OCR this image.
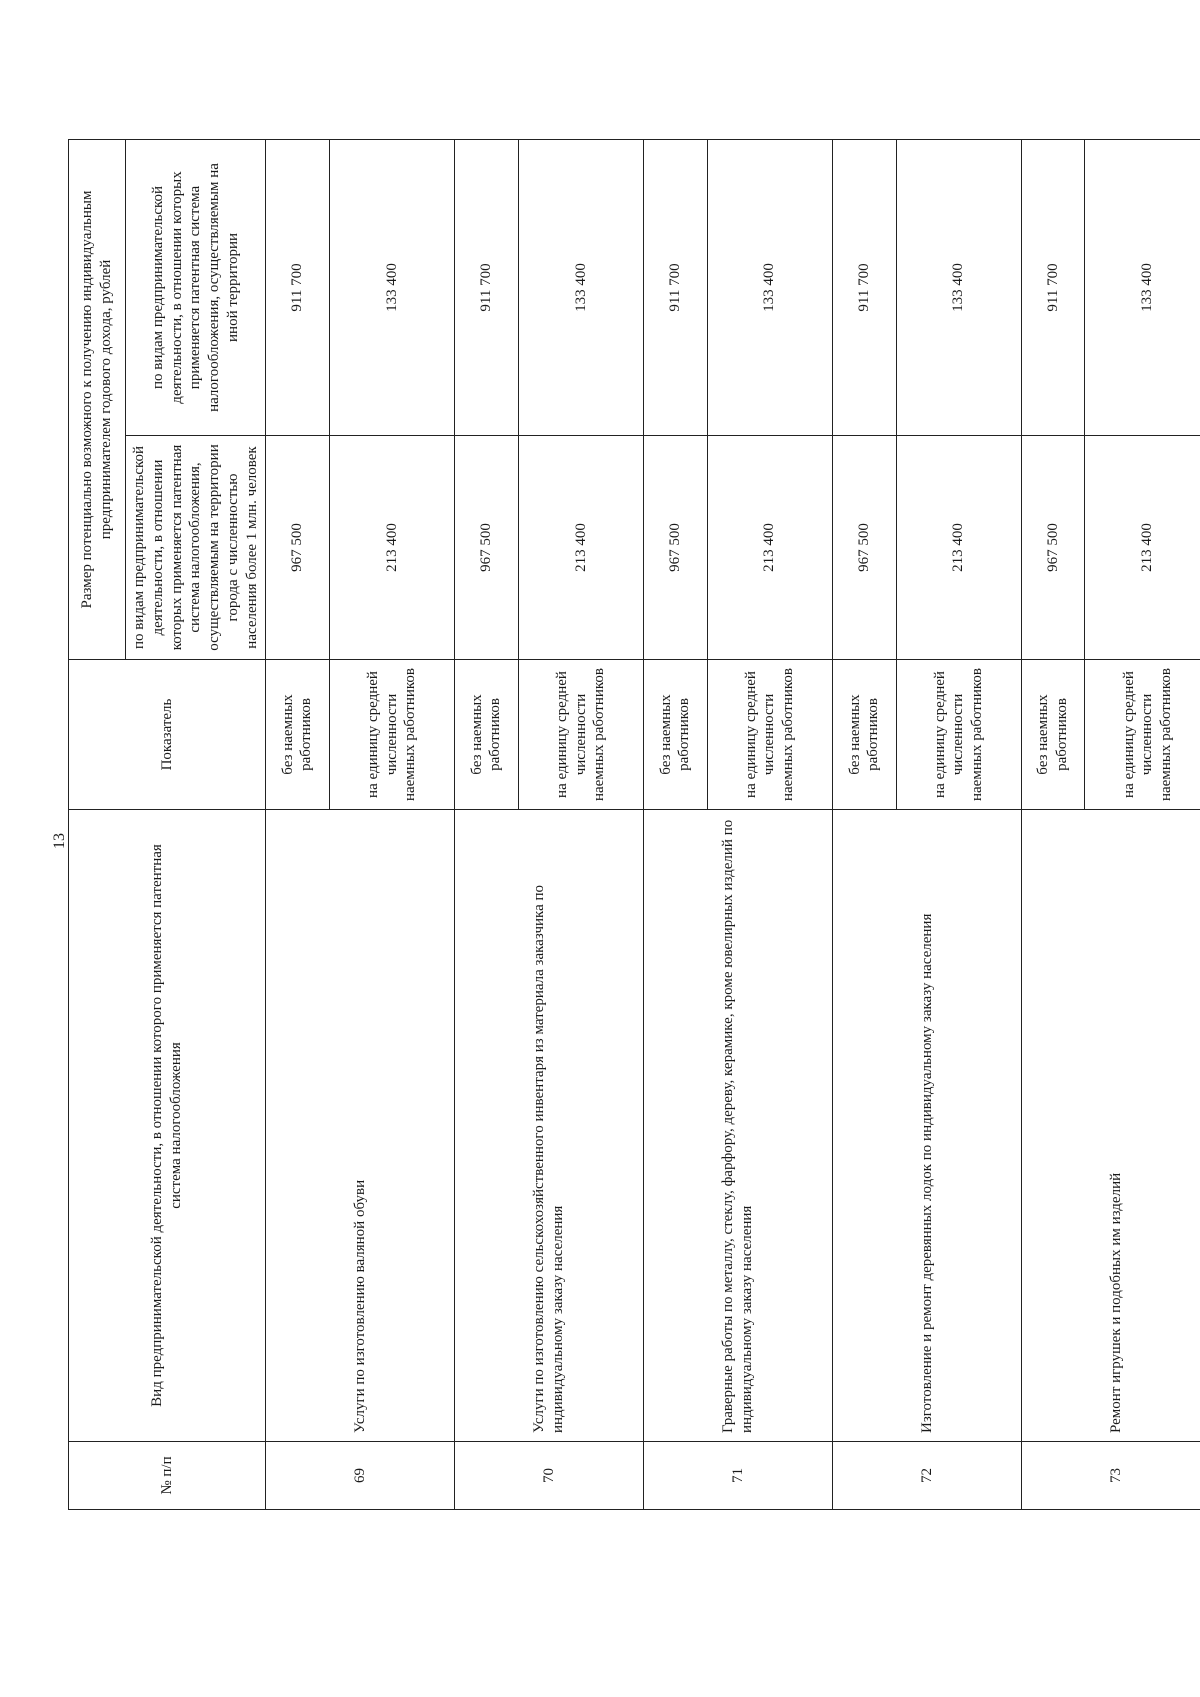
13
№ п/п	Вид предпринимательской деятельности, в отношении которого применяется патентная система налогообложения	Показатель	Размер потенциально возможного к получению индивидуальным предпринимателем годового дохода, рублей	
			по видам предпринимательской деятельности, в отношении которых применяется патентная система налогообложения, осуществляемым на территории города с численностью населения более 1 млн. человек	по видам предпринимательской деятельности, в отношении которых применяется патентная система налогообложения, осуществляемым на иной территории
69	Услуги по изготовлению валяной обуви	без наемных работников	967 500	911 700
		на единицу средней численности наемных работников	213 400	133 400
70	Услуги по изготовлению сельскохозяйственного инвентаря из материала заказчика по индивидуальному заказу населения	без наемных работников	967 500	911 700
		на единицу средней численности наемных работников	213 400	133 400
71	Граверные работы по металлу, стеклу, фарфору, дереву, керамике, кроме ювелирных изделий по индивидуальному заказу населения	без наемных работников	967 500	911 700
		на единицу средней численности наемных работников	213 400	133 400
72	Изготовление и ремонт деревянных лодок по индивидуальному заказу населения	без наемных работников	967 500	911 700
		на единицу средней численности наемных работников	213 400	133 400
73	Ремонт игрушек и подобных им изделий	без наемных работников	967 500	911 700
		на единицу средней численности наемных работников	213 400	133 400
